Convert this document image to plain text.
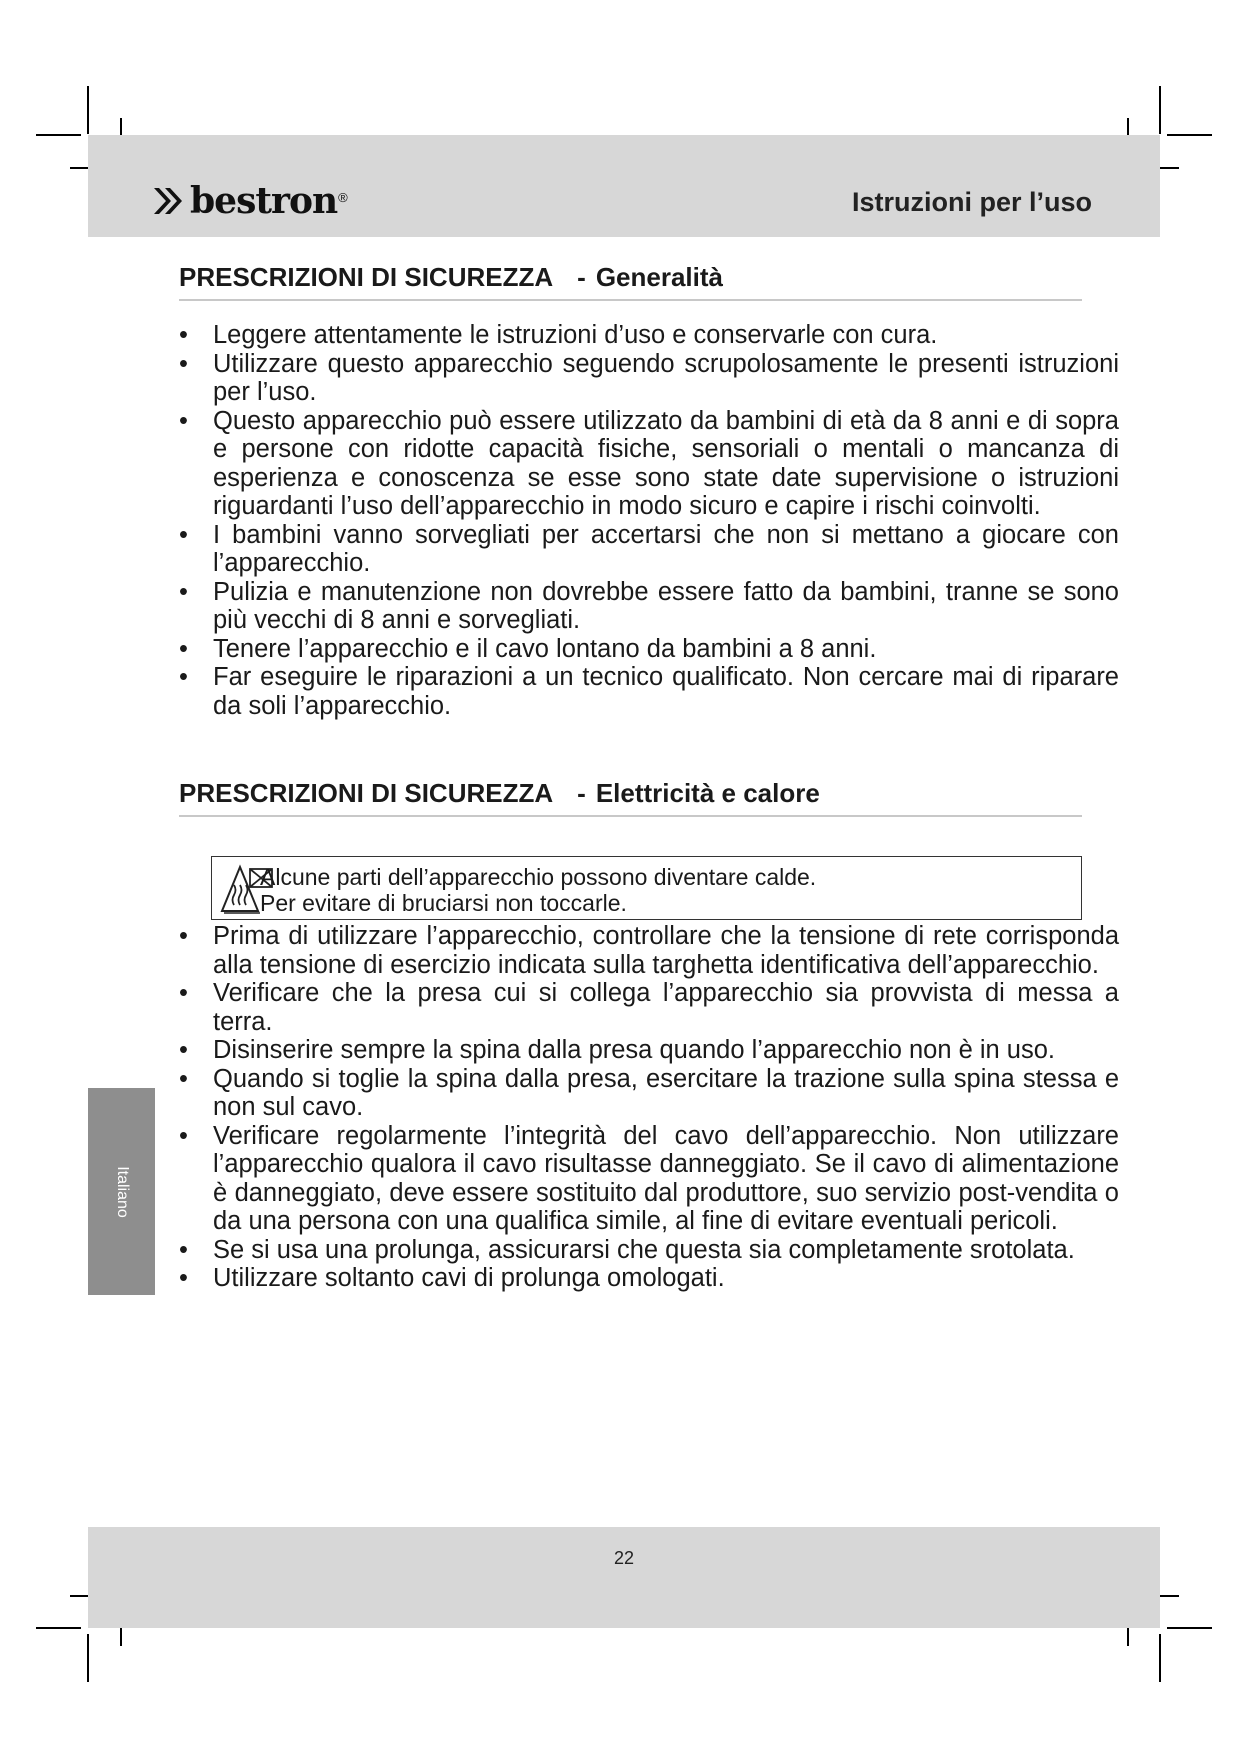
bestron ®	Istruzioni per l’uso
PRESCRIZIONI DI SICUREZZA - Generalità
• Leggere attentamente le istruzioni d’uso e conservarle con cura.
• Utilizzare questo apparecchio seguendo scrupolosamente le presenti istruzioni per l’uso.
• Questo apparecchio può essere utilizzato da bambini di età da 8 anni e di sopra e persone con ridotte capacità fisiche, sensoriali o mentali o mancanza di esperienza e conoscenza se esse sono state date supervisione o istruzioni riguardanti l’uso dell’apparecchio in modo sicuro e capire i rischi coinvolti.
• I bambini vanno sorvegliati per accertarsi che non si mettano a giocare con l’apparecchio.
• Pulizia e manutenzione non dovrebbe essere fatto da bambini, tranne se sono più vecchi di 8 anni e sorvegliati.
• Tenere l’apparecchio e il cavo lontano da bambini a 8 anni.
• Far eseguire le riparazioni a un tecnico qualificato. Non cercare mai di riparare da soli l’apparecchio.
PRESCRIZIONI DI SICUREZZA - Elettricità e calore
Alcune parti dell’apparecchio possono diventare calde.
Per evitare di bruciarsi non toccarle.
• Prima di utilizzare l’apparecchio, controllare che la tensione di rete corrisponda alla tensione di esercizio indicata sulla targhetta identificativa dell’apparecchio.
• Verificare che la presa cui si collega l’apparecchio sia provvista di messa a terra.
• Disinserire sempre la spina dalla presa quando l’apparecchio non è in uso.
• Quando si toglie la spina dalla presa, esercitare la trazione sulla spina stessa e non sul cavo.
• Verificare regolarmente l’integrità del cavo dell’apparecchio. Non utilizzare l’apparecchio qualora il cavo risultasse danneggiato. Se il cavo di alimentazione è danneggiato, deve essere sostituito dal produttore, suo servizio post-vendita o da una persona con una qualifica simile, al fine di evitare eventuali pericoli.
• Se si usa una prolunga, assicurarsi che questa sia completamente srotolata.
• Utilizzare soltanto cavi di prolunga omologati.
Italiano
22
